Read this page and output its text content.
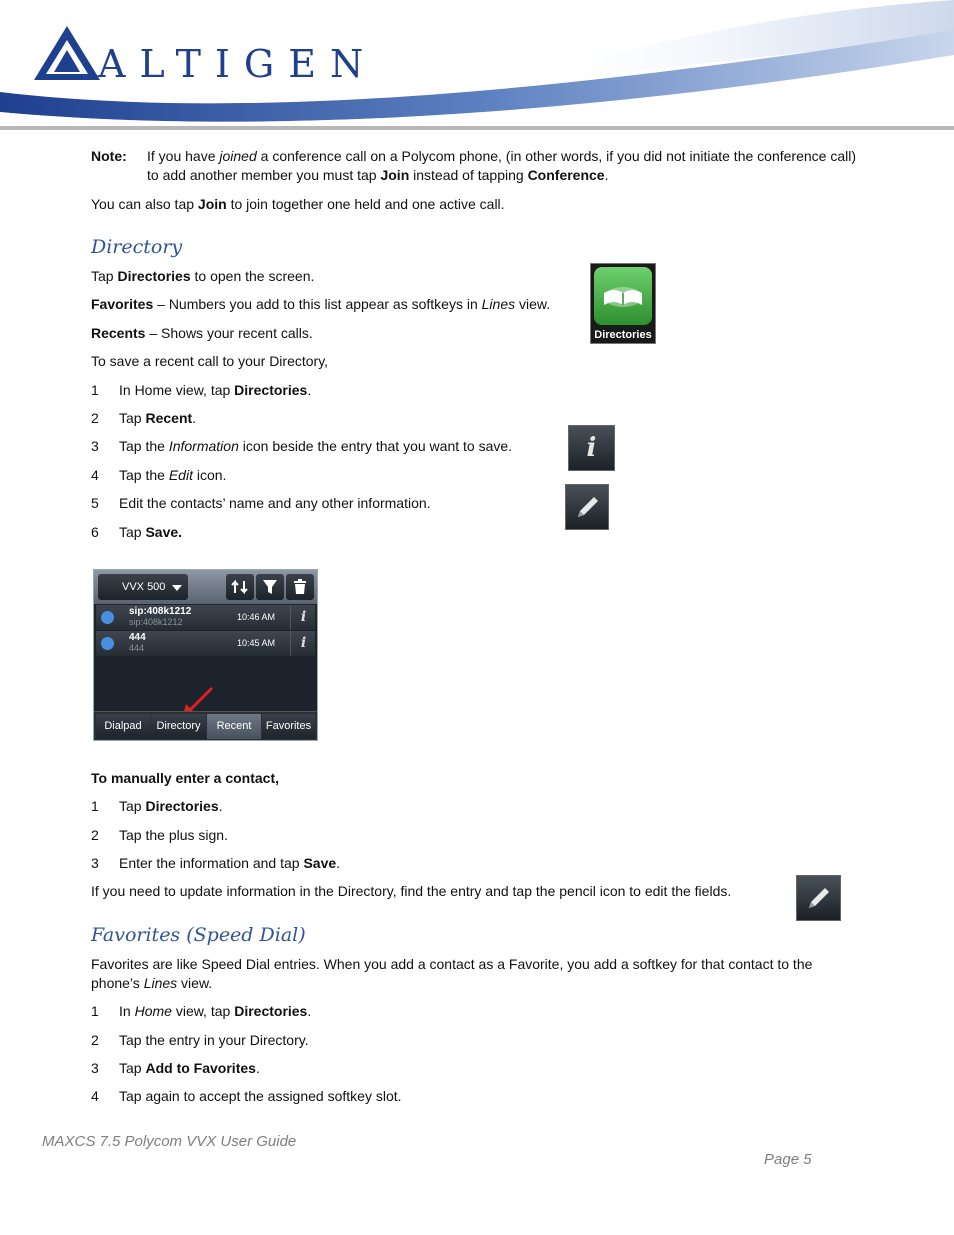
ALTIGEN
Note: If you have joined a conference call on a Polycom phone, (in other words, if you did not initiate the conference call)
to add another member you must tap Join instead of tapping Conference.
You can also tap Join to join together one held and one active call.
Directory
Tap Directories to open the screen.
Favorites – Numbers you add to this list appear as softkeys in Lines view.
Recents – Shows your recent calls.
To save a recent call to your Directory,
1 In Home view, tap Directories.
2 Tap Recent.
3 Tap the Information icon beside the entry that you want to save.
4 Tap the Edit icon.
5 Edit the contacts’ name and any other information.
6 Tap Save.
Directories
i
VVX 500
sip:408k1212
sip:408k1212	10:46 AM	i
444
444	10:45 AM	i
Dialpad	Directory	Recent	Favorites
To manually enter a contact,
1 Tap Directories.
2 Tap the plus sign.
3 Enter the information and tap Save.
If you need to update information in the Directory, find the entry and tap the pencil icon to edit the fields.
Favorites (Speed Dial)
Favorites are like Speed Dial entries. When you add a contact as a Favorite, you add a softkey for that contact to the
phone’s Lines view.
1 In Home view, tap Directories.
2 Tap the entry in your Directory.
3 Tap Add to Favorites.
4 Tap again to accept the assigned softkey slot.
MAXCS 7.5 Polycom VVX User Guide
Page 5
